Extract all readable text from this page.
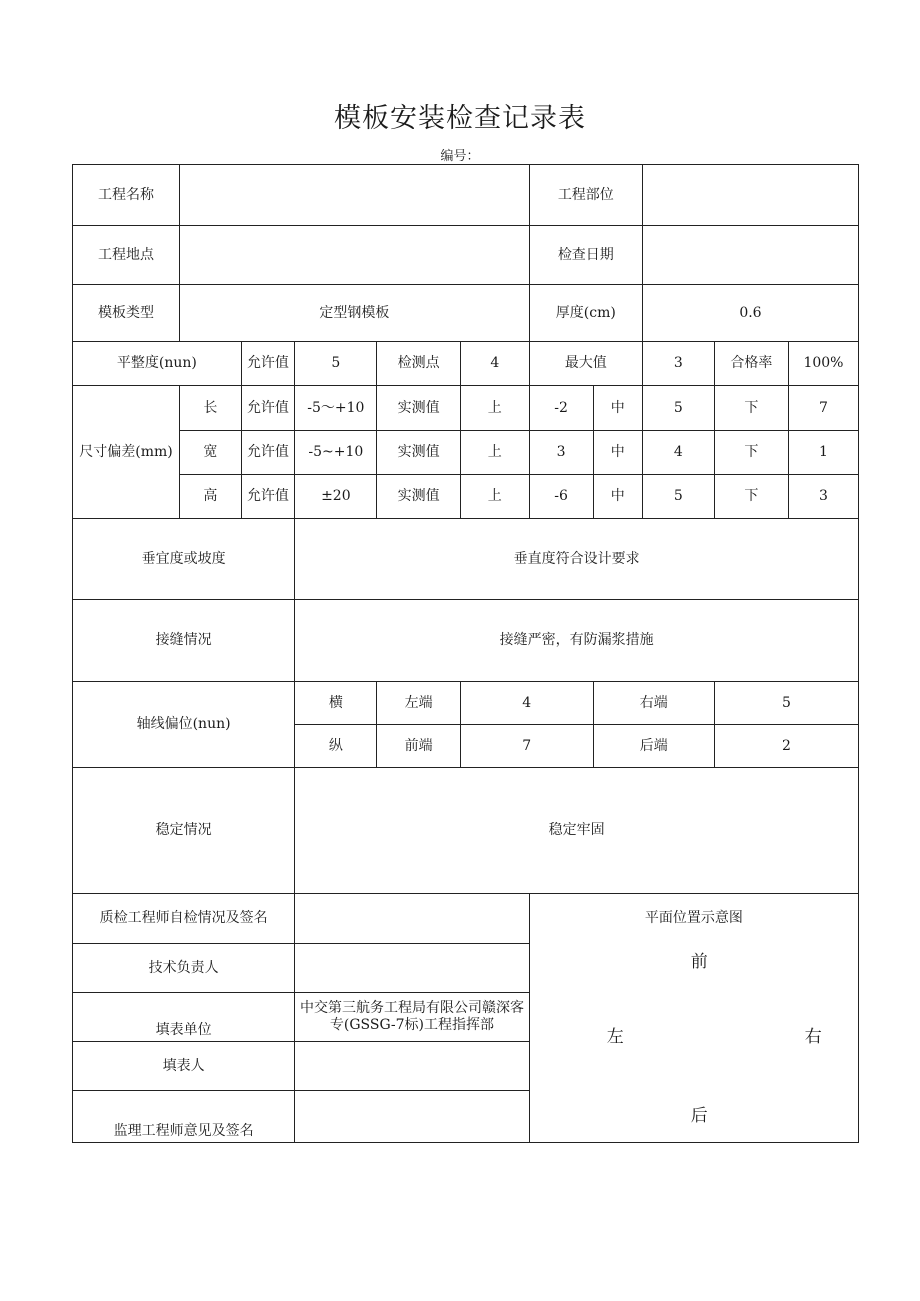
模板安装检查记录表
编号：
工程名称						工程部位				
工程地点						检查日期				
模板类型	定型钢模板					厚度(cm)		0.6		
平整度(nun)		允许值	5	检测点	4	最大值		3	合格率	100%
尺寸偏差(mm)	长	允许值	-5～+10	实测值	上	-2	中	5	下	7
	宽	允许值	-5~+10	实测值	上	3	中	4	下	1
	高	允许值	±20	实测值	上	-6	中	5	下	3
垂宜度或坡度			垂直度符合设计要求							
接缝情况			接缝严密，有防漏浆措施							
轴线偏位(nun)			横	左端	4		右端		5	
			纵	前端	7		后端		2	
稳定情况			稳定牢固							
质检工程师自检情况及签名						平面位置示意图
前
左 右
后				

技术负责人										
填表单位			中交第三航务工程局有限公司赣深客专(GSSG-7标)工程指挥部							
填表人										
监理工程师意见及签名										
